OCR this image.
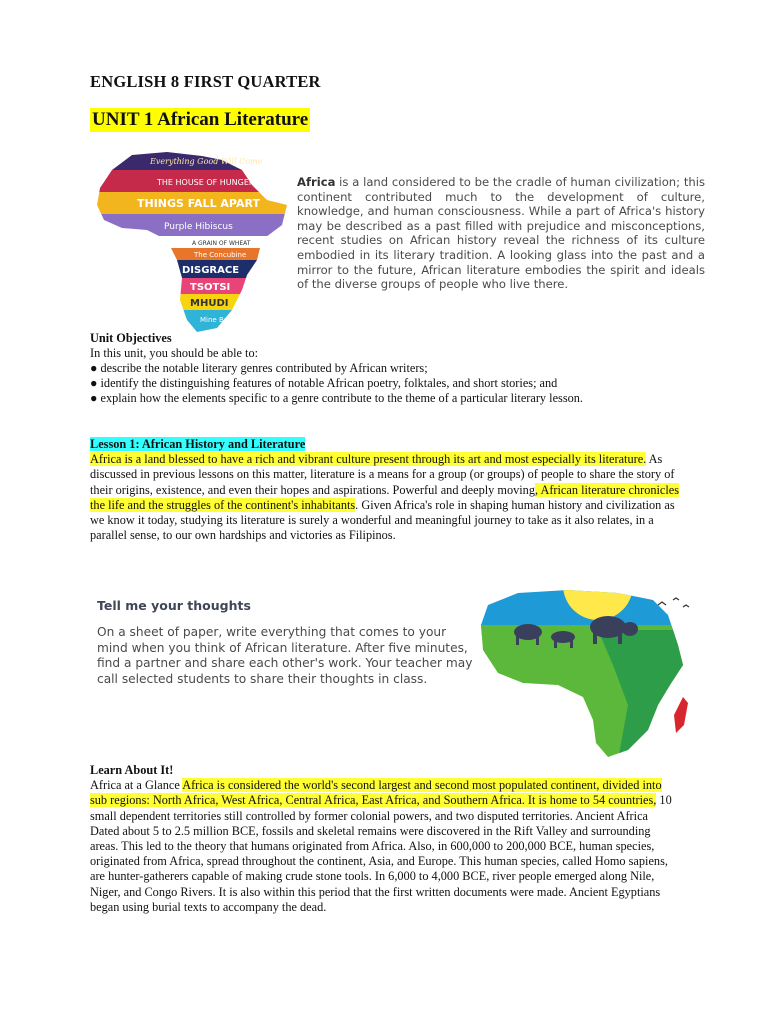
ENGLISH 8 FIRST QUARTER
UNIT 1 African Literature
Everything Good Will Come
THE HOUSE OF HUNGER
THINGS FALL APART
Purple Hibiscus
A GRAIN OF WHEAT
The Concubine
DISGRACE
TSOTSI
MHUDI
Mine Boy
Africa is a land considered to be the cradle of human civilization; this continent contributed much to the development of culture, knowledge, and human consciousness. While a part of Africa's history may be described as a past filled with prejudice and misconceptions, recent studies on African history reveal the richness of its culture embodied in its literary tradition. A looking glass into the past and a mirror to the future, African literature embodies the spirit and ideals of the diverse groups of people who live there.
Unit Objectives
In this unit, you should be able to:
● describe the notable literary genres contributed by African writers;
● identify the distinguishing features of notable African poetry, folktales, and short stories; and
● explain how the elements specific to a genre contribute to the theme of a particular literary lesson.
Lesson 1: African History and Literature
Africa is a land blessed to have a rich and vibrant culture present through its art and most especially its literature. As discussed in previous lessons on this matter, literature is a means for a group (or groups) of people to share the story of their origins, existence, and even their hopes and aspirations. Powerful and deeply moving, African literature chronicles the life and the struggles of the continent's inhabitants. Given Africa's role in shaping human history and civilization as we know it today, studying its literature is surely a wonderful and meaningful journey to take as it also relates, in a parallel sense, to our own hardships and victories as Filipinos.
Tell me your thoughts
On a sheet of paper, write everything that comes to your mind when you think of African literature. After five minutes, find a partner and share each other's work. Your teacher may call selected students to share their thoughts in class.
Learn About It!
Africa at a Glance Africa is considered the world's second largest and second most populated continent, divided into sub regions: North Africa, West Africa, Central Africa, East Africa, and Southern Africa. It is home to 54 countries, 10 small dependent territories still controlled by former colonial powers, and two disputed territories. Ancient Africa Dated about 5 to 2.5 million BCE, fossils and skeletal remains were discovered in the Rift Valley and surrounding areas. This led to the theory that humans originated from Africa. Also, in 600,000 to 200,000 BCE, human species, originated from Africa, spread throughout the continent, Asia, and Europe. This human species, called Homo sapiens, are hunter-gatherers capable of making crude stone tools. In 6,000 to 4,000 BCE, river people emerged along Nile, Niger, and Congo Rivers. It is also within this period that the first written documents were made. Ancient Egyptians began using burial texts to accompany the dead.
